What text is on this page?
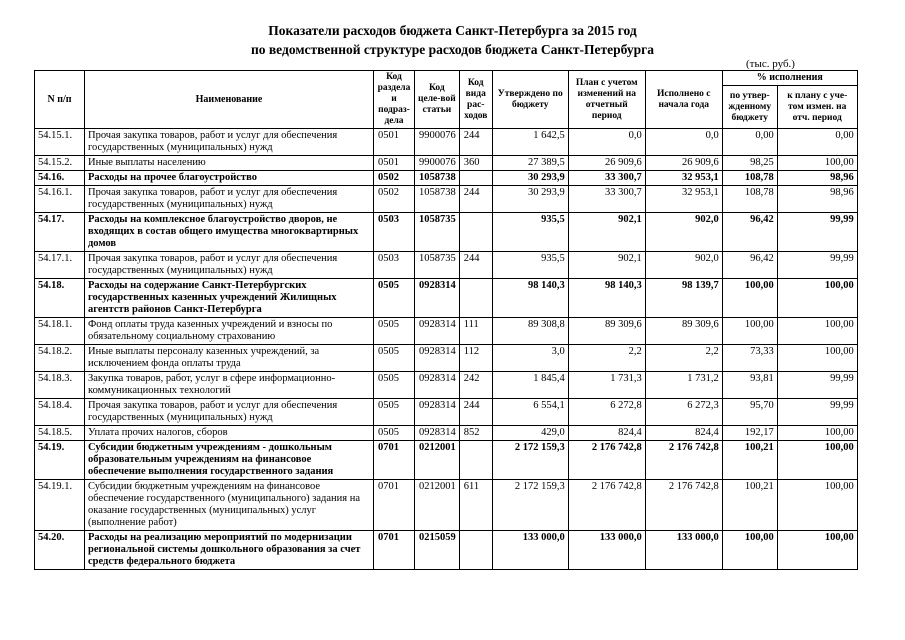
Показатели расходов бюджета Санкт-Петербурга за 2015 год
по ведомственной структуре расходов бюджета Санкт-Петербурга
(тыс. руб.)
N п/п	Наименование	Код раздела и подраз-дела	Код целе-вой статьи	Код вида рас-ходов	Утверждено по бюджету	План с учетом изменений на отчетный период	Исполнено с начала года	% исполнения	
								по утвер-жденному бюджету	к плану с уче-том измен. на отч. период
54.15.1.	Прочая закупка товаров, работ и услуг для обеспечения государственных (муниципальных) нужд	0501	9900076	244	1 642,5	0,0	0,0	0,00	0,00
54.15.2.	Иные выплаты населению	0501	9900076	360	27 389,5	26 909,6	26 909,6	98,25	100,00
54.16.	Расходы на прочее благоустройство	0502	1058738		30 293,9	33 300,7	32 953,1	108,78	98,96
54.16.1.	Прочая закупка товаров, работ и услуг для обеспечения государственных (муниципальных) нужд	0502	1058738	244	30 293,9	33 300,7	32 953,1	108,78	98,96
54.17.	Расходы на комплексное благоустройство дворов, не входящих в состав общего имущества многоквартирных домов	0503	1058735		935,5	902,1	902,0	96,42	99,99
54.17.1.	Прочая закупка товаров, работ и услуг для обеспечения государственных (муниципальных) нужд	0503	1058735	244	935,5	902,1	902,0	96,42	99,99
54.18.	Расходы на содержание Санкт-Петербургских государственных казенных учреждений Жилищных агентств районов Санкт-Петербурга	0505	0928314		98 140,3	98 140,3	98 139,7	100,00	100,00
54.18.1.	Фонд оплаты труда казенных учреждений и взносы по обязательному социальному страхованию	0505	0928314	111	89 308,8	89 309,6	89 309,6	100,00	100,00
54.18.2.	Иные выплаты персоналу казенных учреждений, за исключением фонда оплаты труда	0505	0928314	112	3,0	2,2	2,2	73,33	100,00
54.18.3.	Закупка товаров, работ, услуг в сфере информационно-коммуникационных технологий	0505	0928314	242	1 845,4	1 731,3	1 731,2	93,81	99,99
54.18.4.	Прочая закупка товаров, работ и услуг для обеспечения государственных (муниципальных) нужд	0505	0928314	244	6 554,1	6 272,8	6 272,3	95,70	99,99
54.18.5.	Уплата прочих налогов, сборов	0505	0928314	852	429,0	824,4	824,4	192,17	100,00
54.19.	Субсидии бюджетным учреждениям - дошкольным образовательным учреждениям на финансовое обеспечение выполнения государственного задания	0701	0212001		2 172 159,3	2 176 742,8	2 176 742,8	100,21	100,00
54.19.1.	Субсидии бюджетным учреждениям на финансовое обеспечение государственного (муниципального) задания на оказание государственных (муниципальных) услуг (выполнение работ)	0701	0212001	611	2 172 159,3	2 176 742,8	2 176 742,8	100,21	100,00
54.20.	Расходы на реализацию мероприятий по модернизации региональной системы дошкольного образования за счет средств федерального бюджета	0701	0215059		133 000,0	133 000,0	133 000,0	100,00	100,00
